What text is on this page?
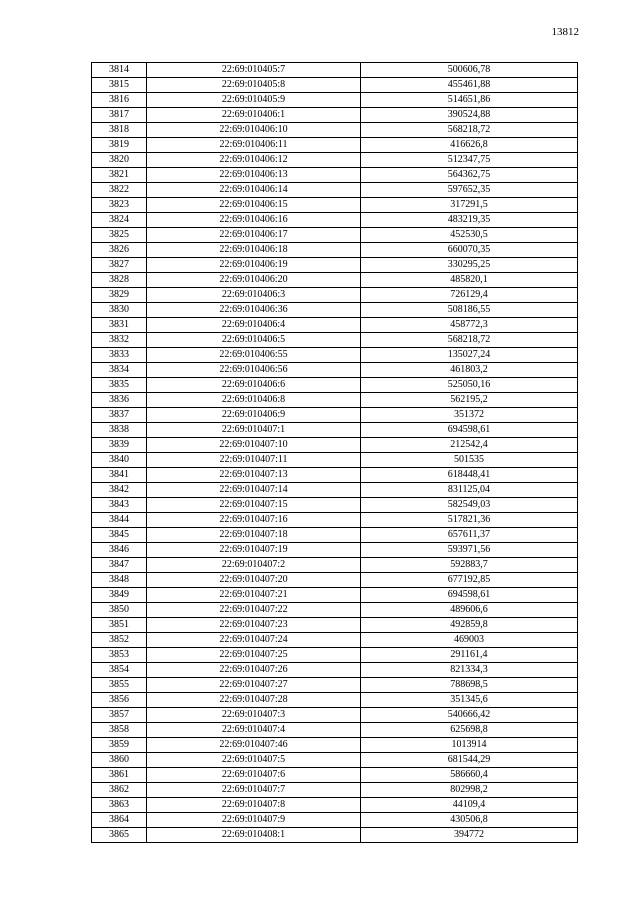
13812
3814	22:69:010405:7	500606,78
3815	22:69:010405:8	455461,88
3816	22:69:010405:9	514651,86
3817	22:69:010406:1	390524,88
3818	22:69:010406:10	568218,72
3819	22:69:010406:11	416626,8
3820	22:69:010406:12	512347,75
3821	22:69:010406:13	564362,75
3822	22:69:010406:14	597652,35
3823	22:69:010406:15	317291,5
3824	22:69:010406:16	483219,35
3825	22:69:010406:17	452530,5
3826	22:69:010406:18	660070,35
3827	22:69:010406:19	330295,25
3828	22:69:010406:20	485820,1
3829	22:69:010406:3	726129,4
3830	22:69:010406:36	508186,55
3831	22:69:010406:4	458772,3
3832	22:69:010406:5	568218,72
3833	22:69:010406:55	135027,24
3834	22:69:010406:56	461803,2
3835	22:69:010406:6	525050,16
3836	22:69:010406:8	562195,2
3837	22:69:010406:9	351372
3838	22:69:010407:1	694598,61
3839	22:69:010407:10	212542,4
3840	22:69:010407:11	501535
3841	22:69:010407:13	618448,41
3842	22:69:010407:14	831125,04
3843	22:69:010407:15	582549,03
3844	22:69:010407:16	517821,36
3845	22:69:010407:18	657611,37
3846	22:69:010407:19	593971,56
3847	22:69:010407:2	592883,7
3848	22:69:010407:20	677192,85
3849	22:69:010407:21	694598,61
3850	22:69:010407:22	489606,6
3851	22:69:010407:23	492859,8
3852	22:69:010407:24	469003
3853	22:69:010407:25	291161,4
3854	22:69:010407:26	821334,3
3855	22:69:010407:27	788698,5
3856	22:69:010407:28	351345,6
3857	22:69:010407:3	540666,42
3858	22:69:010407:4	625698,8
3859	22:69:010407:46	1013914
3860	22:69:010407:5	681544,29
3861	22:69:010407:6	586660,4
3862	22:69:010407:7	802998,2
3863	22:69:010407:8	44109,4
3864	22:69:010407:9	430506,8
3865	22:69:010408:1	394772
